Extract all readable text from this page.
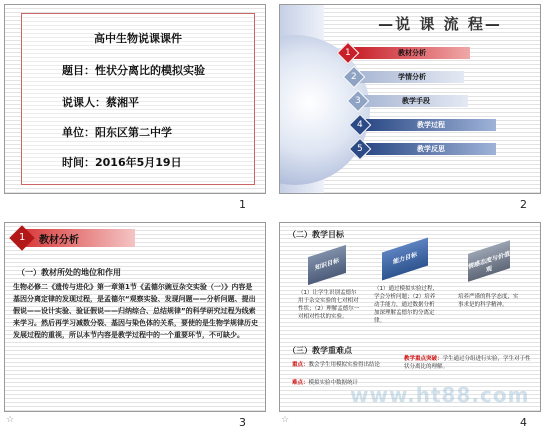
高中生物说课课件
题目：性状分离比的模拟实验
说课人：蔡湘平
单位：阳东区第二中学
时间：2016年5月19日
1
—说 课 流 程—
教材分析
1
学情分析
2
教学手段
3
教学过程
4
教学反思
5
2
1	教材分析
（一）教材所处的地位和作用
生物必修二《遗传与进化》第一章第1节《孟德尔豌豆杂交实验（一）》内容是基因分离定律的发现过程，是孟德尔“观察实验、发现问题——分析问题、提出假说——设计实验、验证假说——归纳综合、总结规律”的科学研究过程为线索来学习。然后再学习减数分裂、基因与染色体的关系，要使的是生物学规律历史发展过程的重视，所以本节内容是教学过程中的一个重要环节，不可缺少。
3
☆
（二）教学目标
知识目标	能力目标	情感态度与价值观
（1）让学生识别孟德尔用于杂交实验的七对相对性状；（2）理解孟德尔一对相对性状的实验。
（1）通过模拟实验过程，学会分析问题；（2）培养动手能力，通过数据分析加深理解孟德尔的分离定律。
培养严谨的科学态度，实事求是的科学精神。
（三）教学重难点
重点：教会学生用模拟实验得出结论
难点：模拟实验中数据统计
教学重点突破：学生通过分组进行实验，学生对于性状分离比的理解。
www.ht88.com
4
☆
